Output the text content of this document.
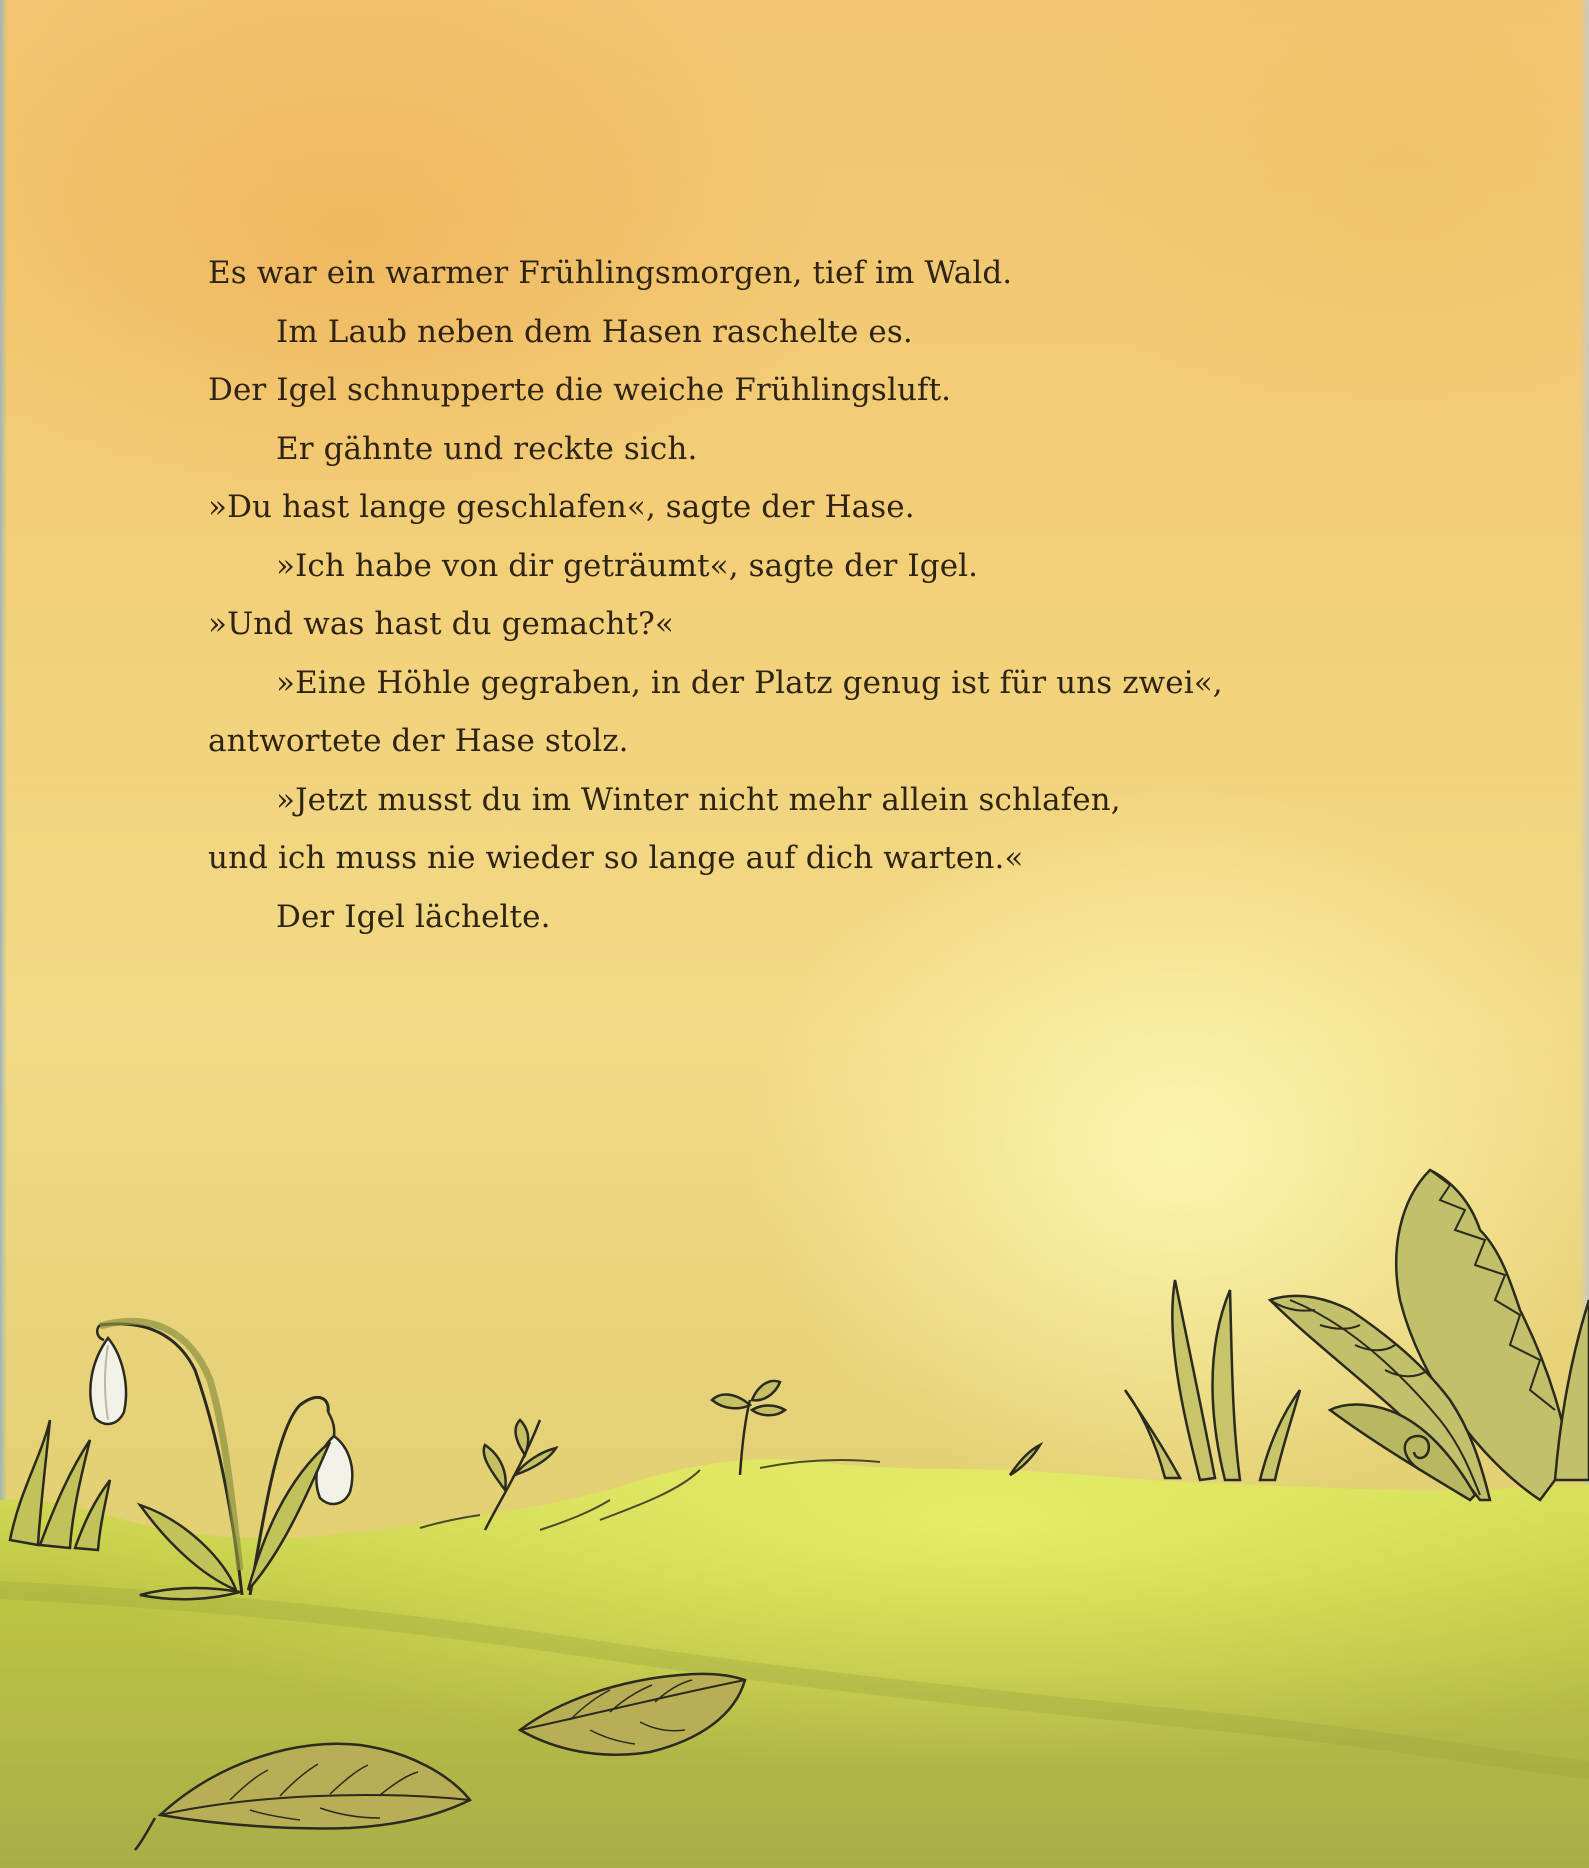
Es war ein warmer Frühlingsmorgen, tief im Wald.
Im Laub neben dem Hasen raschelte es.
Der Igel schnupperte die weiche Frühlingsluft.
Er gähnte und reckte sich.
»Du hast lange geschlafen«, sagte der Hase.
»Ich habe von dir geträumt«, sagte der Igel.
»Und was hast du gemacht?«
»Eine Höhle gegraben, in der Platz genug ist für uns zwei«,
antwortete der Hase stolz.
»Jetzt musst du im Winter nicht mehr allein schlafen,
und ich muss nie wieder so lange auf dich warten.«
Der Igel lächelte.
